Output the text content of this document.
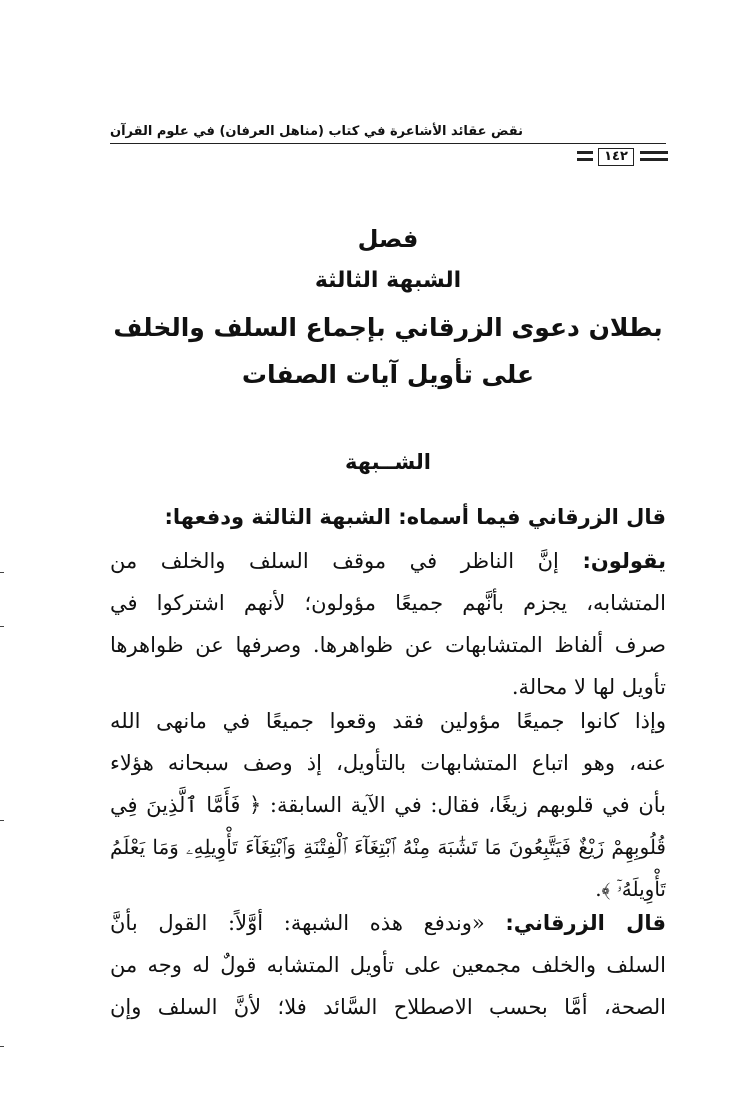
نقض عقائد الأشاعرة في كتاب (مناهل العرفان) في علوم القرآن
١٤٢
فصل
الشبهة الثالثة
بطلان دعوى الزرقاني بإجماع السلف والخلف
على تأويل آيات الصفات
الشــبهة
قال الزرقاني فيما أسماه: الشبهة الثالثة ودفعها:
يقولون: إنَّ الناظر في موقف السلف والخلف من
المتشابه، يجزم بأنَّهم جميعًا مؤولون؛ لأنهم اشتركوا في
صرف ألفاظ المتشابهات عن ظواهرها. وصرفها عن ظواهرها
تأويل لها لا محالة.
وإذا كانوا جميعًا مؤولين فقد وقعوا جميعًا في مانهى الله
عنه، وهو اتباع المتشابهات بالتأويل، إذ وصف سبحانه هؤلاء
بأن في قلوبهم زيغًا، فقال: في الآية السابقة: ﴿ فَأَمَّا ٱلَّذِينَ فِي
قُلُوبِهِمْ زَيْغٌ فَيَتَّبِعُونَ مَا تَشَٰبَهَ مِنْهُ ٱبْتِغَآءَ ٱلْفِتْنَةِ وَٱبْتِغَآءَ تَأْوِيلِهِۦ وَمَا يَعْلَمُ
تَأْوِيلَهُۥٓ ﴾.
قال الزرقاني: «وندفع هذه الشبهة: أوَّلاً: القول بأنَّ
السلف والخلف مجمعين على تأويل المتشابه قولٌ له وجه من
الصحة، أمَّا بحسب الاصطلاح السَّائد فلا؛ لأنَّ السلف وإن
